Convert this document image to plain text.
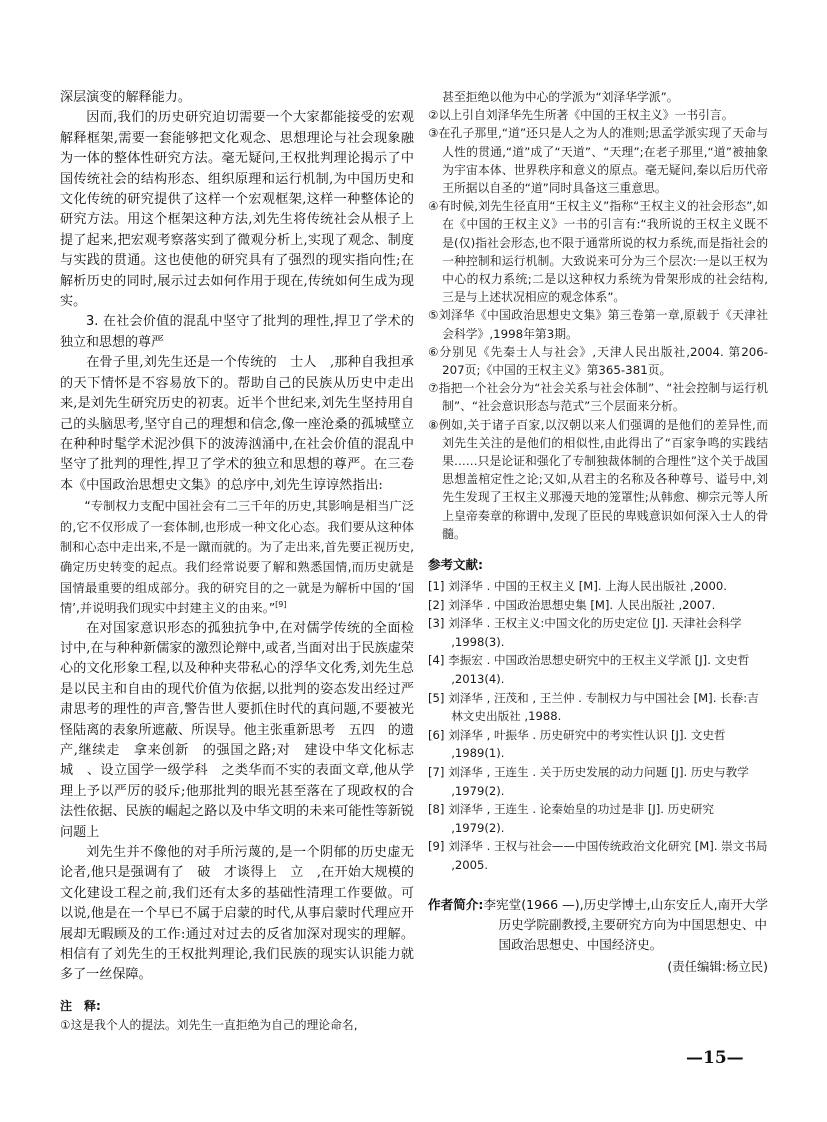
深层演变的解释能力。

因而,我们的历史研究迫切需要一个大家都能接受的宏观解释框架,需要一套能够把文化观念、思想理论与社会现象融为一体的整体性研究方法。毫无疑问,王权批判理论揭示了中国传统社会的结构形态、组织原理和运行机制,为中国历史和文化传统的研究提供了这样一个宏观框架,这样一种整体论的研究方法。用这个框架这种方法,刘先生将传统社会从根子上提了起来,把宏观考察落实到了微观分析上,实现了观念、制度与实践的贯通。这也使他的研究具有了强烈的现实指向性;在解析历史的同时,展示过去如何作用于现在,传统如何生成为现实。

3. 在社会价值的混乱中坚守了批判的理性,捍卫了学术的独立和思想的尊严

在骨子里,刘先生还是一个传统的　士人　,那种自我担承的天下情怀是不容易放下的。帮助自己的民族从历史中走出来,是刘先生研究历史的初衷。近半个世纪来,刘先生坚持用自己的头脑思考,坚守自己的理想和信念,像一座沧桑的孤城壁立在种种时髦学术泥沙俱下的波涛汹涌中,在社会价值的混乱中坚守了批判的理性,捍卫了学术的独立和思想的尊严。在三卷本《中国政治思想史文集》的总序中,刘先生谆谆然指出:

“专制权力支配中国社会有二三千年的历史,其影响是相当广泛的,它不仅形成了一套体制,也形成一种文化心态。我们要从这种体制和心态中走出来,不是一蹴而就的。为了走出来,首先要正视历史,确定历史转变的起点。我们经常说要了解和熟悉国情,而历史就是国情最重要的组成部分。我的研究目的之一就是为解析中国的‘国情’,并说明我们现实中封建主义的由来。”[9]

在对国家意识形态的孤独抗争中,在对儒学传统的全面检讨中,在与种种新儒家的激烈论辩中,或者,当面对出于民族虚荣心的文化形象工程,以及种种夹带私心的浮华文化秀,刘先生总是以民主和自由的现代价值为依据,以批判的姿态发出经过严肃思考的理性的声音,警告世人要抓住时代的真问题,不要被光怪陆离的表象所遮蔽、所误导。他主张重新思考　五四　的遗产,继续走　拿来创新　的强国之路;对　建设中华文化标志城　、设立国学一级学科　之类华而不实的表面文章,他从学理上予以严厉的驳斥;他那批判的眼光甚至落在了现政权的合法性依据、民族的崛起之路以及中华文明的未来可能性等新锐问题上

刘先生并不像他的对手所污蔑的,是一个阴郁的历史虚无论者,他只是强调有了　破　才谈得上　立　,在开始大规模的文化建设工程之前,我们还有太多的基础性清理工作要做。可以说,他是在一个早已不属于启蒙的时代,从事启蒙时代理应开展却无暇顾及的工作:通过对过去的反省加深对现实的理解。相信有了刘先生的王权批判理论,我们民族的现实认识能力就多了一丝保障。

注　释:

①这是我个人的提法。刘先生一直拒绝为自己的理论命名,

甚至拒绝以他为中心的学派为“刘泽华学派”。

②以上引自刘泽华先生所著《中国的王权主义》一书引言。

③在孔子那里,“道”还只是人之为人的准则;思孟学派实现了天命与人性的贯通,“道”成了“天道”、“天理”;在老子那里,“道”被抽象为宇宙本体、世界秩序和意义的原点。毫无疑问,秦以后历代帝王所据以自圣的“道”同时具备这三重意思。

④有时候,刘先生径直用“王权主义”指称“王权主义的社会形态”,如在《中国的王权主义》一书的引言有:“我所说的王权主义既不是(仅)指社会形态,也不限于通常所说的权力系统,而是指社会的一种控制和运行机制。大致说来可分为三个层次:一是以王权为中心的权力系统;二是以这种权力系统为骨架形成的社会结构,三是与上述状况相应的观念体系”。

⑤刘泽华《中国政治思想史文集》第三卷第一章,原载于《天津社会科学》,1998年第3期。

⑥分别见《先秦士人与社会》,天津人民出版社,2004. 第206-207页;《中国的王权主义》第365-381页。

⑦指把一个社会分为“社会关系与社会体制”、“社会控制与运行机制”、“社会意识形态与范式”三个层面来分析。

⑧例如,关于诸子百家,以汉朝以来人们强调的是他们的差异性,而刘先生关注的是他们的相似性,由此得出了“百家争鸣的实践结果……只是论证和强化了专制独裁体制的合理性”这个关于战国思想盖棺定性之论;又如,从君主的名称及各种尊号、谥号中,刘先生发现了王权主义那漫天地的笼罩性;从韩愈、柳宗元等人所上皇帝奏章的称谓中,发现了臣民的卑贱意识如何深入士人的骨髓。

参考文献:

[1] 刘泽华 . 中国的王权主义 [M]. 上海人民出版社 ,2000.

[2] 刘泽华 . 中国政治思想史集 [M]. 人民出版社 ,2007.

[3] 刘泽华 . 王权主义:中国文化的历史定位 [J]. 天津社会科学 ,1998(3).

[4] 李振宏 . 中国政治思想史研究中的王权主义学派 [J]. 文史哲 ,2013(4).

[5] 刘泽华 , 汪茂和 , 王兰仲 . 专制权力与中国社会 [M]. 长春:吉林文史出版社 ,1988.

[6] 刘泽华 , 叶振华 . 历史研究中的考实性认识 [J]. 文史哲 ,1989(1).

[7] 刘泽华 , 王连生 . 关于历史发展的动力问题 [J]. 历史与教学 ,1979(2).

[8] 刘泽华 , 王连生 . 论秦始皇的功过是非 [J]. 历史研究 ,1979(2).

[9] 刘泽华 . 王权与社会——中国传统政治文化研究 [M]. 崇文书局 ,2005.

作者简介:李宪堂(1966 —),历史学博士,山东安丘人,南开大学历史学院副教授,主要研究方向为中国思想史、中国政治思想史、中国经济史。

(责任编辑:杨立民)
—15—
